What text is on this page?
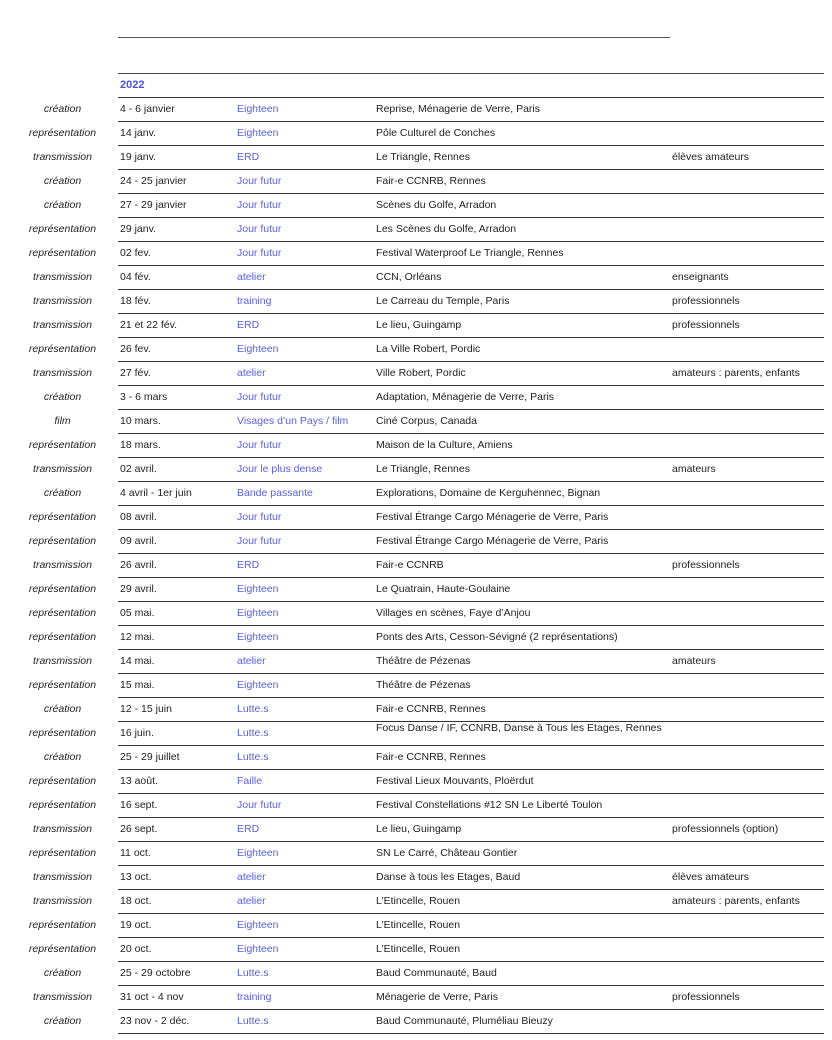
2022
création	4 - 6 janvier	Eighteen	Reprise, Ménagerie de Verre, Paris
représentation	14 janv.	Eighteen	Pôle Culturel de Conches
transmission	19 janv.	ERD	Le Triangle, Rennes	élèves amateurs
création	24 - 25 janvier	Jour futur	Fair-e CCNRB, Rennes
création	27 - 29 janvier	Jour futur	Scènes du Golfe, Arradon
représentation	29 janv.	Jour futur	Les Scènes du Golfe, Arradon
représentation	02 fev.	Jour futur	Festival Waterproof Le Triangle, Rennes
transmission	04 fév.	atelier	CCN, Orléans	enseignants
transmission	18 fév.	training	Le Carreau du Temple, Paris	professionnels
transmission	21 et 22 fév.	ERD	Le lieu, Guingamp	professionnels
représentation	26 fev.	Eighteen	La Ville Robert, Pordic
transmission	27 fév.	atelier	Ville Robert, Pordic	amateurs : parents, enfants
création	3 - 6 mars	Jour futur	Adaptation, Ménagerie de Verre, Paris
film	10 mars.	Visages d’un Pays / film	Ciné Corpus, Canada
représentation	18 mars.	Jour futur	Maison de la Culture, Amiens
transmission	02 avril.	Jour le plus dense	Le Triangle, Rennes	amateurs
création	4 avril - 1er juin	Bande passante	Explorations, Domaine de Kerguhennec, Bignan
représentation	08 avril.	Jour futur	Festival Étrange Cargo Ménagerie de Verre, Paris
représentation	09 avril.	Jour futur	Festival Étrange Cargo Ménagerie de Verre, Paris
transmission	26 avril.	ERD	Fair-e CCNRB	professionnels
représentation	29 avril.	Eighteen	Le Quatrain, Haute-Goulaine
représentation	05 mai.	Eighteen	Villages en scènes, Faye d’Anjou
représentation	12 mai.	Eighteen	Ponts des Arts, Cesson-Sévigné (2 représentations)
transmission	14 mai.	atelier	Théâtre de Pézenas	amateurs
représentation	15 mai.	Eighteen	Théâtre de Pézenas
création	12 - 15 juin	Lutte.s	Fair-e CCNRB, Rennes
représentation	16 juin.	Lutte.s	Focus Danse / IF, CCNRB, Danse à Tous les Etages, Rennes
création	25 - 29 juillet	Lutte.s	Fair-e CCNRB, Rennes
représentation	13 août.	Faille	Festival Lieux Mouvants, Ploërdut
représentation	16 sept.	Jour futur	Festival Constellations #12 SN Le Liberté Toulon
transmission	26 sept.	ERD	Le lieu, Guingamp	professionnels (option)
représentation	11 oct.	Eighteen	SN Le Carré, Château Gontier
transmission	13 oct.	atelier	Danse à tous les Etages, Baud	élèves amateurs
transmission	18 oct.	atelier	L’Etincelle, Rouen	amateurs : parents, enfants
représentation	19 oct.	Eighteen	L’Etincelle, Rouen
représentation	20 oct.	Eighteen	L’Etincelle, Rouen
création	25 - 29 octobre	Lutte.s	Baud Communauté, Baud
transmission	31 oct - 4 nov	training	Ménagerie de Verre, Paris	professionnels
création	23 nov - 2 déc.	Lutte.s	Baud Communauté, Pluméliau Bieuzy
